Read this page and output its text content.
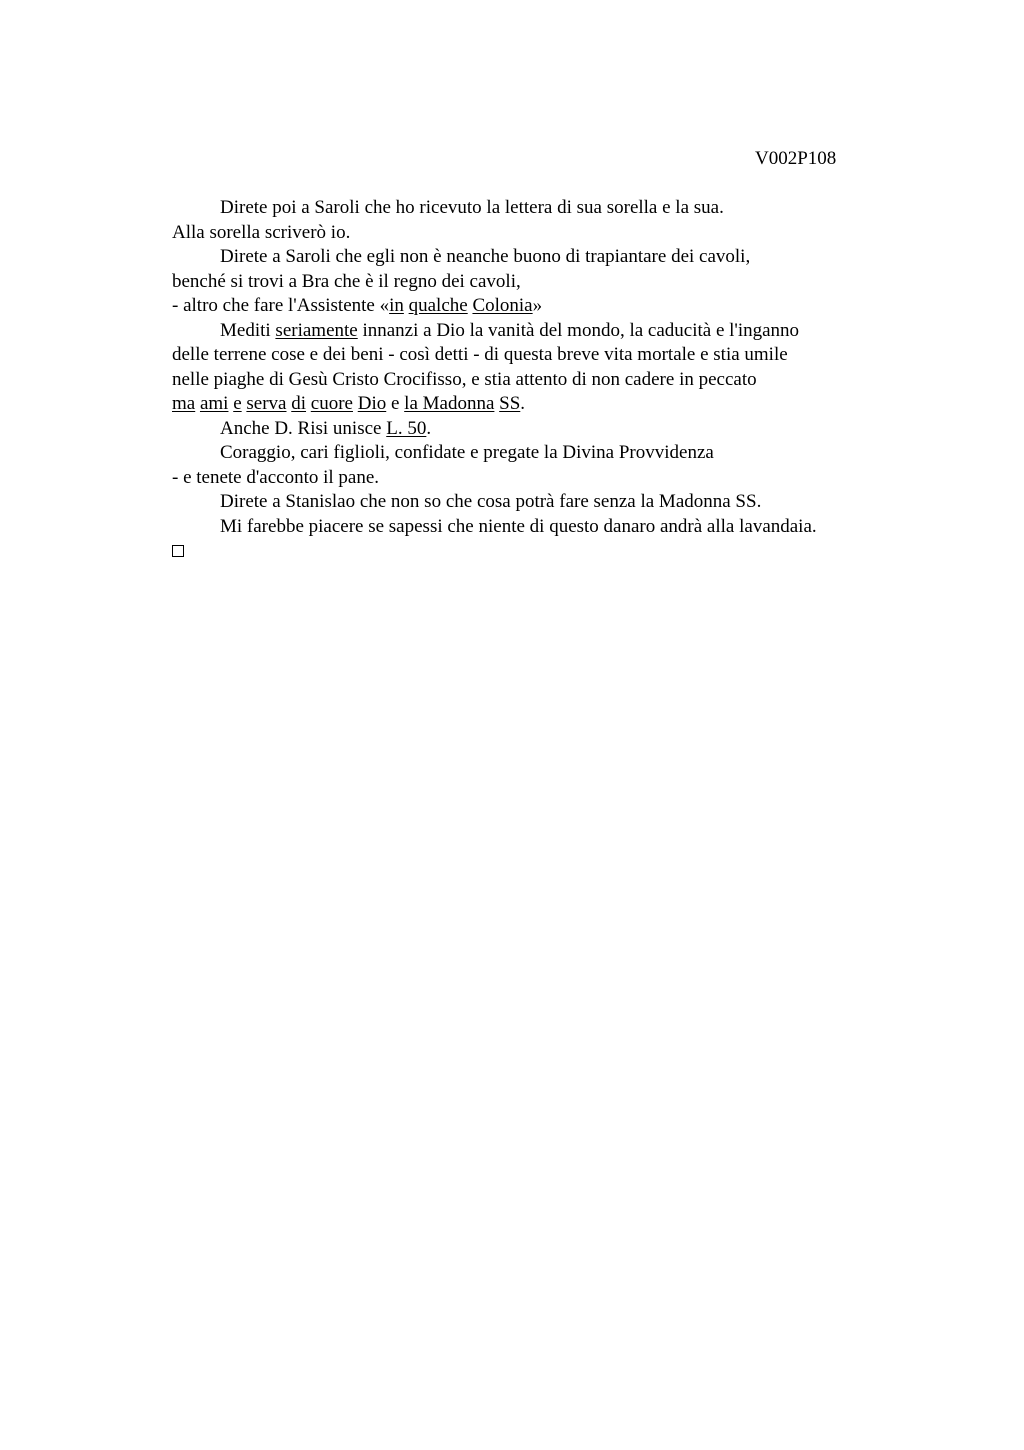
V002P108
Direte poi a Saroli che ho ricevuto la lettera di sua sorella e la sua.
Alla sorella scriverò io.
Direte a Saroli che egli non è neanche buono di trapiantare dei cavoli,
benché si trovi a Bra che è il regno dei cavoli,
- altro che fare l'Assistente «in qualche Colonia»
Mediti seriamente innanzi a Dio la vanità del mondo, la caducità e l'inganno
delle terrene cose e dei beni - così detti - di questa breve vita mortale e stia umile
nelle piaghe di Gesù Cristo Crocifisso, e stia attento di non cadere in peccato
ma ami e serva di cuore Dio e la Madonna SS.
Anche D. Risi unisce L. 50.
Coraggio, cari figlioli, confidate e pregate la Divina Provvidenza
- e tenete d'acconto il pane.
Direte a Stanislao che non so che cosa potrà fare senza la Madonna SS.
Mi farebbe piacere se sapessi che niente di questo danaro andrà alla lavandaia.
